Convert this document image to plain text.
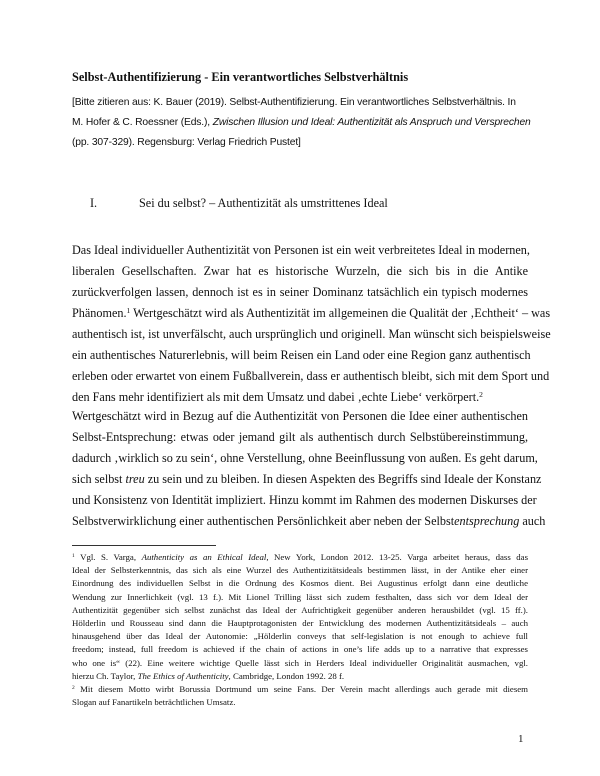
Selbst-Authentifizierung - Ein verantwortliches Selbstverhältnis

[Bitte zitieren aus: K. Bauer (2019). Selbst-Authentifizierung. Ein verantwortliches Selbstverhältnis. In

M. Hofer & C. Roessner (Eds.), Zwischen Illusion und Ideal: Authentizität als Anspruch und Versprechen

(pp. 307-329). Regensburg: Verlag Friedrich Pustet]

I.	Sei du selbst? – Authentizität als umstrittenes Ideal
Das Ideal individueller Authentizität von Personen ist ein weit verbreitetes Ideal in modernen,
liberalen Gesellschaften. Zwar hat es historische Wurzeln, die sich bis in die Antike
zurückverfolgen lassen, dennoch ist es in seiner Dominanz tatsächlich ein typisch modernes
Phänomen.$^1$ Wertgeschätzt wird als Authentizität im allgemeinen die Qualität der ‚Echtheit‘ – was
authentisch ist, ist unverfälscht, auch ursprünglich und originell. Man wünscht sich beispielsweise
ein authentisches Naturerlebnis, will beim Reisen ein Land oder eine Region ganz authentisch
erleben oder erwartet von einem Fußballverein, dass er authentisch bleibt, sich mit dem Sport und
den Fans mehr identifiziert als mit dem Umsatz und dabei ‚echte Liebe‘ verkörpert.$^2$
Wertgeschätzt wird in Bezug auf die Authentizität von Personen die Idee einer authentischen
Selbst-Entsprechung: etwas oder jemand gilt als authentisch durch Selbstübereinstimmung,
dadurch ‚wirklich so zu sein‘, ohne Verstellung, ohne Beeinflussung von außen. Es geht darum,
sich selbst treu zu sein und zu bleiben. In diesen Aspekten des Begriffs sind Ideale der Konstanz
und Konsistenz von Identität impliziert. Hinzu kommt im Rahmen des modernen Diskurses der
Selbstverwirklichung einer authentischen Persönlichkeit aber neben der Selbstentsprechung auch
$^1$ Vgl. S. Varga, Authenticity as an Ethical Ideal, New York, London 2012. 13-25. Varga arbeitet heraus, dass das
Ideal der Selbsterkenntnis, das sich als eine Wurzel des Authentizitätsideals bestimmen lässt, in der Antike eher einer
Einordnung des individuellen Selbst in die Ordnung des Kosmos dient. Bei Augustinus erfolgt dann eine deutliche
Wendung zur Innerlichkeit (vgl. 13 f.). Mit Lionel Trilling lässt sich zudem festhalten, dass sich vor dem Ideal der
Authentizität gegenüber sich selbst zunächst das Ideal der Aufrichtigkeit gegenüber anderen herausbildet (vgl. 15 ff.).
Hölderlin und Rousseau sind dann die Hauptprotagonisten der Entwicklung des modernen Authentizitätsideals – auch
hinausgehend über das Ideal der Autonomie: „Hölderlin conveys that self-legislation is not enough to achieve full
freedom; instead, full freedom is achieved if the chain of actions in one’s life adds up to a narrative that expresses
who one is“ (22). Eine weitere wichtige Quelle lässt sich in Herders Ideal individueller Originalität ausmachen, vgl.
hierzu Ch. Taylor, The Ethics of Authenticity, Cambridge, London 1992. 28 f.
$^2$ Mit diesem Motto wirbt Borussia Dortmund um seine Fans. Der Verein macht allerdings auch gerade mit diesem
Slogan auf Fanartikeln beträchtlichen Umsatz.
1
